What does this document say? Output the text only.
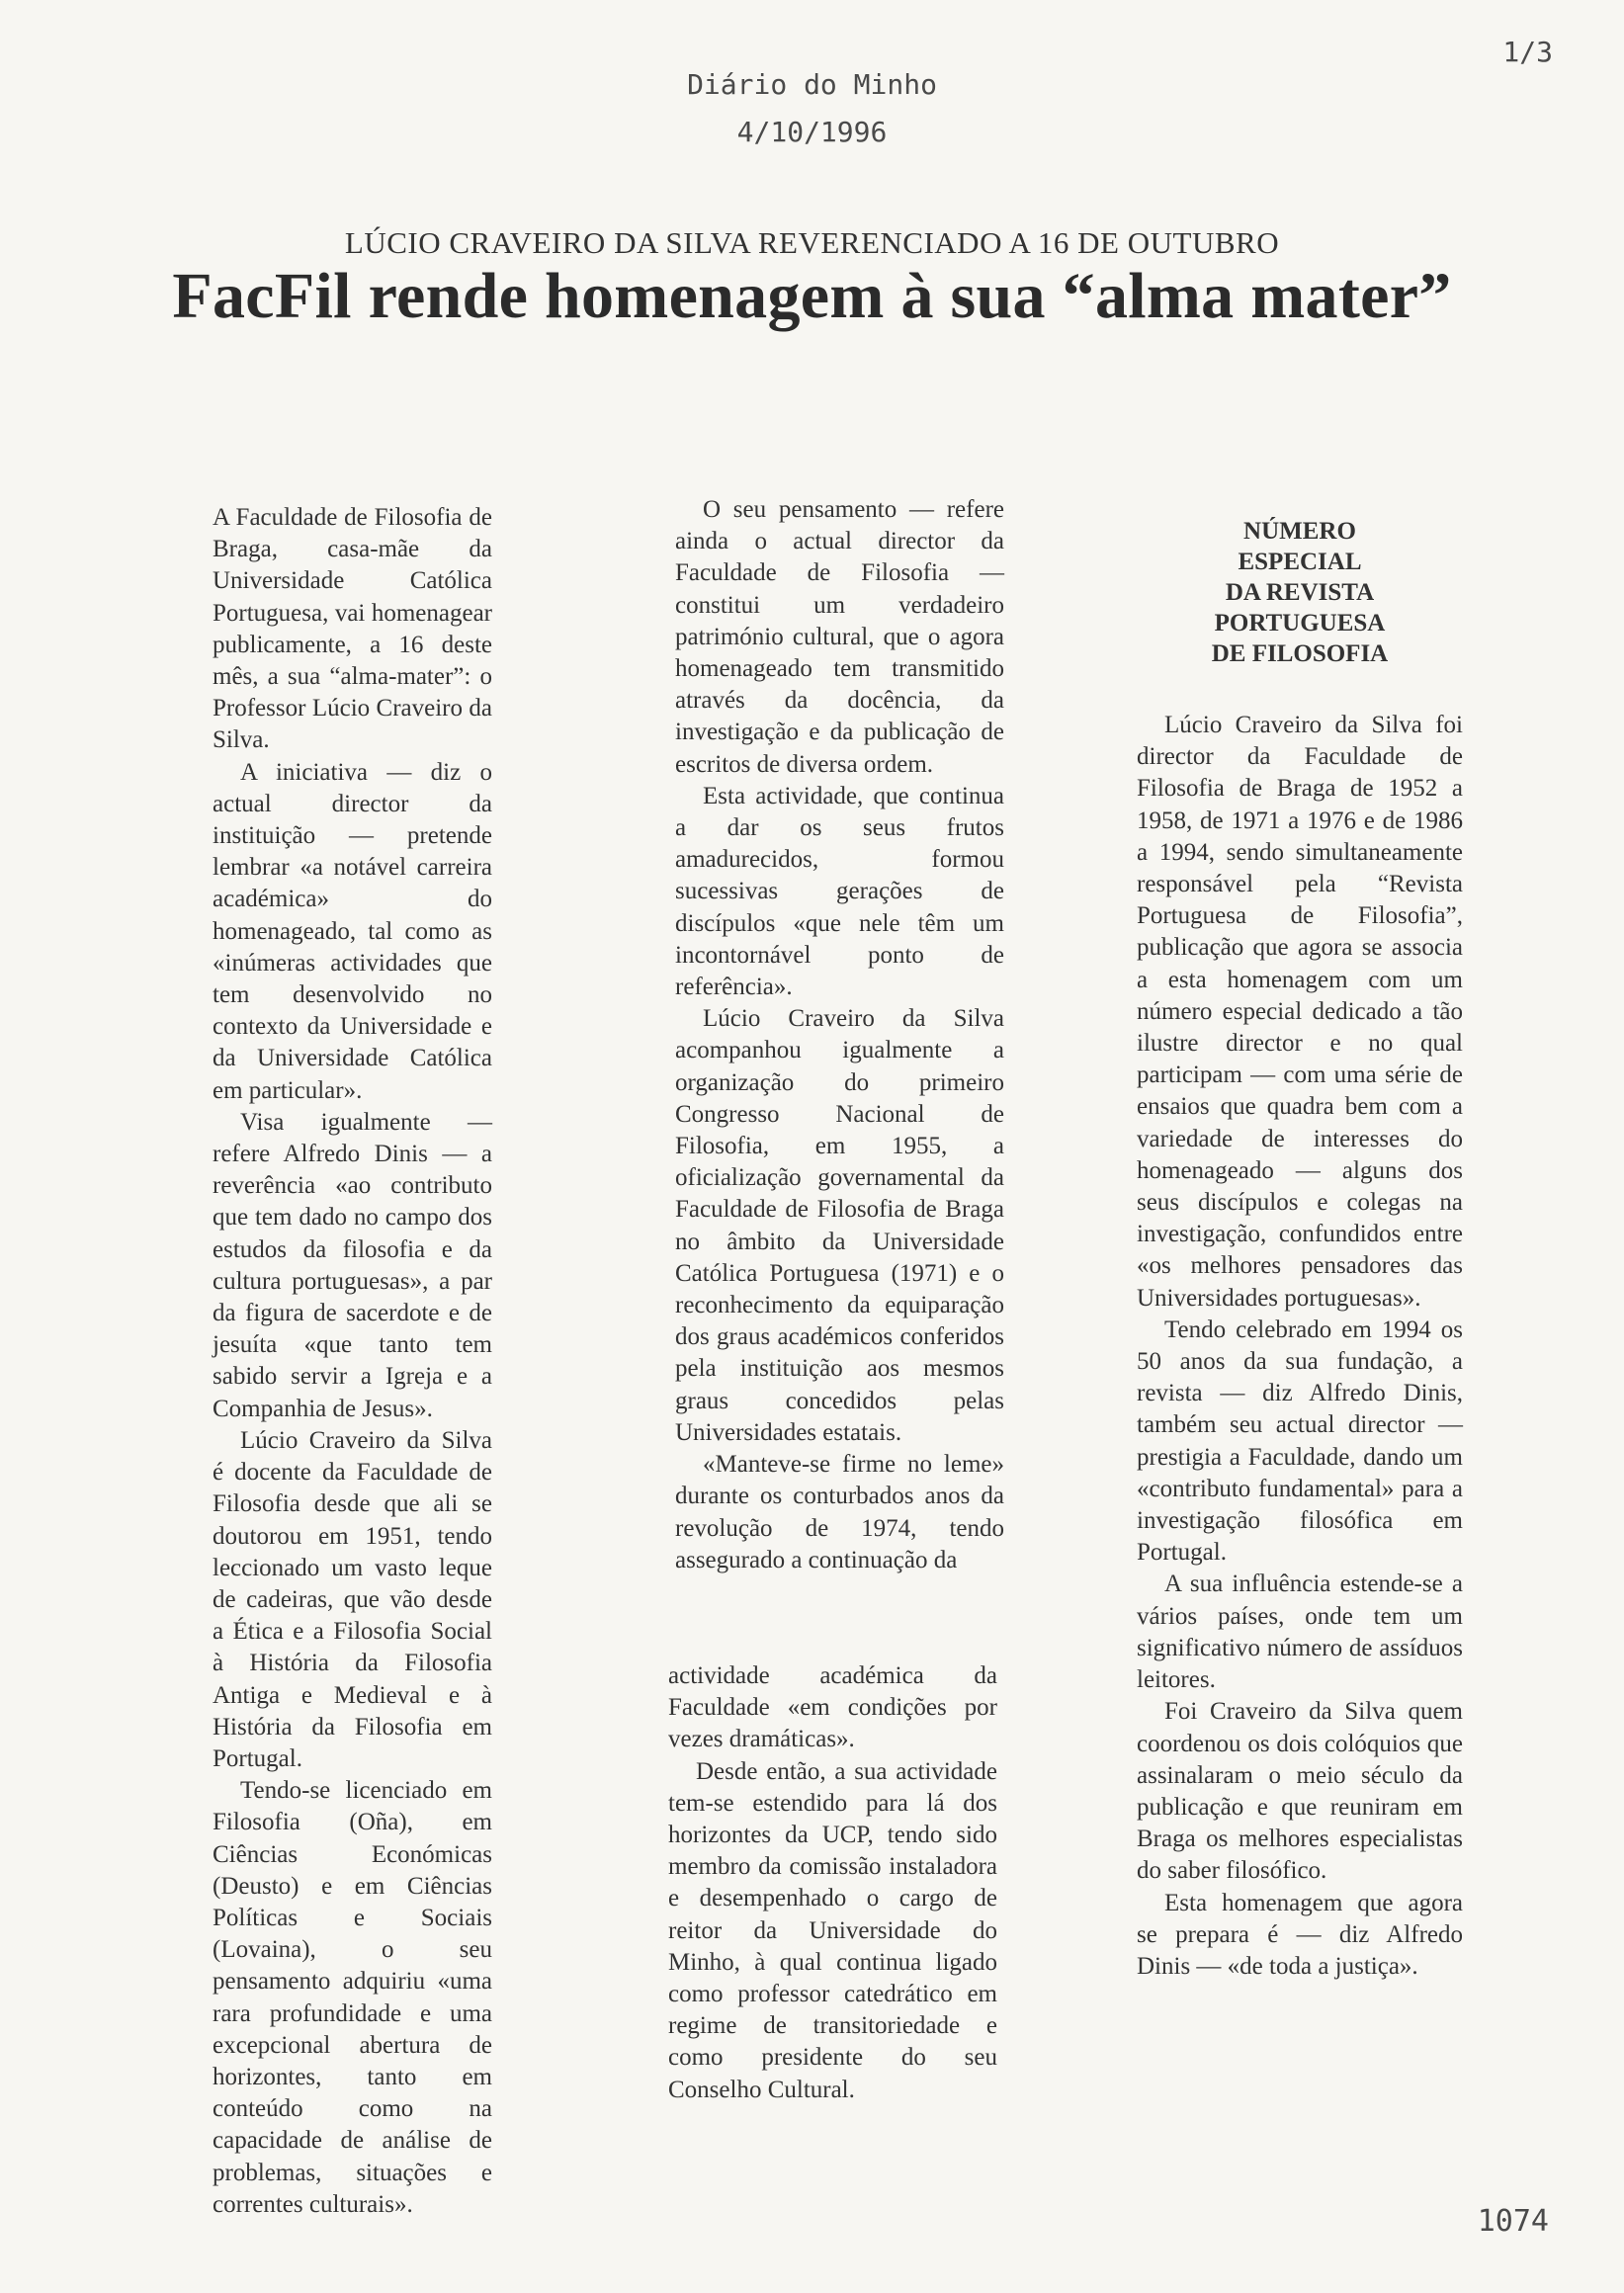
Diário do Minho
4/10/1996
1/3
LÚCIO CRAVEIRO DA SILVA REVERENCIADO A 16 DE OUTUBRO
FacFil rende homenagem à sua “alma mater”

A Faculdade de Filosofia de Braga, casa-mãe da Universidade Católica Portuguesa, vai homenagear publicamente, a 16 deste mês, a sua “alma-mater”: o Professor Lúcio Craveiro da Silva.

A iniciativa — diz o actual director da instituição — pretende lembrar «a notável carreira académica» do homenageado, tal como as «inúmeras actividades que tem desenvolvido no contexto da Universidade e da Universidade Católica em particular».

Visa igualmente — refere Alfredo Dinis — a reverência «ao contributo que tem dado no campo dos estudos da filosofia e da cultura portuguesas», a par da figura de sacerdote e de jesuíta «que tanto tem sabido servir a Igreja e a Companhia de Jesus».

Lúcio Craveiro da Silva é docente da Faculdade de Filosofia desde que ali se doutorou em 1951, tendo leccionado um vasto leque de cadeiras, que vão desde a Ética e a Filosofia Social à História da Filosofia Antiga e Medieval e à História da Filosofia em Portugal.

Tendo-se licenciado em Filosofia (Oña), em Ciências Económicas (Deusto) e em Ciências Políticas e Sociais (Lovaina), o seu pensamento adquiriu «uma rara profundidade e uma excepcional abertura de horizontes, tanto em conteúdo como na capacidade de análise de problemas, situações e correntes culturais».

O seu pensamento — refere ainda o actual director da Faculdade de Filosofia — constitui um verdadeiro património cultural, que o agora homenageado tem transmitido através da docência, da investigação e da publicação de escritos de diversa ordem.

Esta actividade, que continua a dar os seus frutos amadurecidos, formou sucessivas gerações de discípulos «que nele têm um incontornável ponto de referência».

Lúcio Craveiro da Silva acompanhou igualmente a organização do primeiro Congresso Nacional de Filosofia, em 1955, a oficialização governamental da Faculdade de Filosofia de Braga no âmbito da Universidade Católica Portuguesa (1971) e o reconhecimento da equiparação dos graus académicos conferidos pela instituição aos mesmos graus concedidos pelas Universidades estatais.

«Manteve-se firme no leme» durante os conturbados anos da revolução de 1974, tendo assegurado a continuação da

actividade académica da Faculdade «em condições por vezes dramáticas».

Desde então, a sua actividade tem-se estendido para lá dos horizontes da UCP, tendo sido membro da comissão instaladora e desempenhado o cargo de reitor da Universidade do Minho, à qual continua ligado como professor catedrático em regime de transitoriedade e como presidente do seu Conselho Cultural.

NÚMERO
ESPECIAL
DA REVISTA
PORTUGUESA
DE FILOSOFIA

Lúcio Craveiro da Silva foi director da Faculdade de Filosofia de Braga de 1952 a 1958, de 1971 a 1976 e de 1986 a 1994, sendo simultaneamente responsável pela “Revista Portuguesa de Filosofia”, publicação que agora se associa a esta homenagem com um número especial dedicado a tão ilustre director e no qual participam — com uma série de ensaios que quadra bem com a variedade de interesses do homenageado — alguns dos seus discípulos e colegas na investigação, confundidos entre «os melhores pensadores das Universidades portuguesas».

Tendo celebrado em 1994 os 50 anos da sua fundação, a revista — diz Alfredo Dinis, também seu actual director — prestigia a Faculdade, dando um «contributo fundamental» para a investigação filosófica em Portugal.

A sua influência estende-se a vários países, onde tem um significativo número de assíduos leitores.

Foi Craveiro da Silva quem coordenou os dois colóquios que assinalaram o meio século da publicação e que reuniram em Braga os melhores especialistas do saber filosófico.

Esta homenagem que agora se prepara é — diz Alfredo Dinis — «de toda a justiça».

1074
